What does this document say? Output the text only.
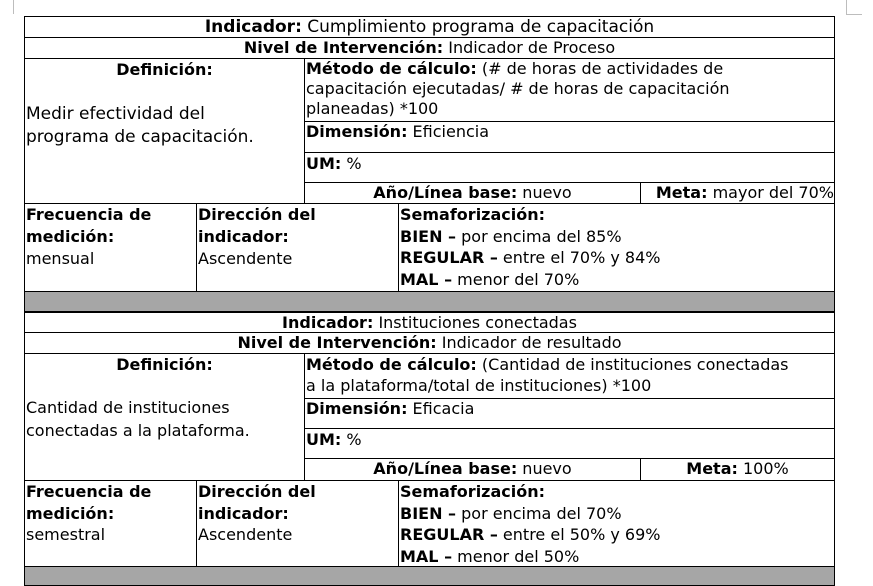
Indicador: Cumplimiento programa de capacitación
Nivel de Intervención: Indicador de Proceso
Definición:
Medir efectividad del
programa de capacitación.
Método de cálculo: (# de horas de actividades de
capacitación ejecutadas/ # de horas de capacitación
planeadas) *100
Dimensión: Eficiencia
UM: %
Año/Línea base: nuevo	Meta: mayor del 70%
Frecuencia de
medición:
mensual
Dirección del
indicador:
Ascendente
Semaforización:
BIEN – por encima del 85%
REGULAR – entre el 70% y 84%
MAL – menor del 70%
Indicador: Instituciones conectadas
Nivel de Intervención: Indicador de resultado
Definición:
Cantidad de instituciones
conectadas a la plataforma.
Método de cálculo: (Cantidad de instituciones conectadas
a la plataforma/total de instituciones) *100
Dimensión: Eficacia
UM: %
Año/Línea base: nuevo	Meta: 100%
Frecuencia de
medición:
semestral
Dirección del
indicador:
Ascendente
Semaforización:
BIEN – por encima del 70%
REGULAR – entre el 50% y 69%
MAL – menor del 50%
